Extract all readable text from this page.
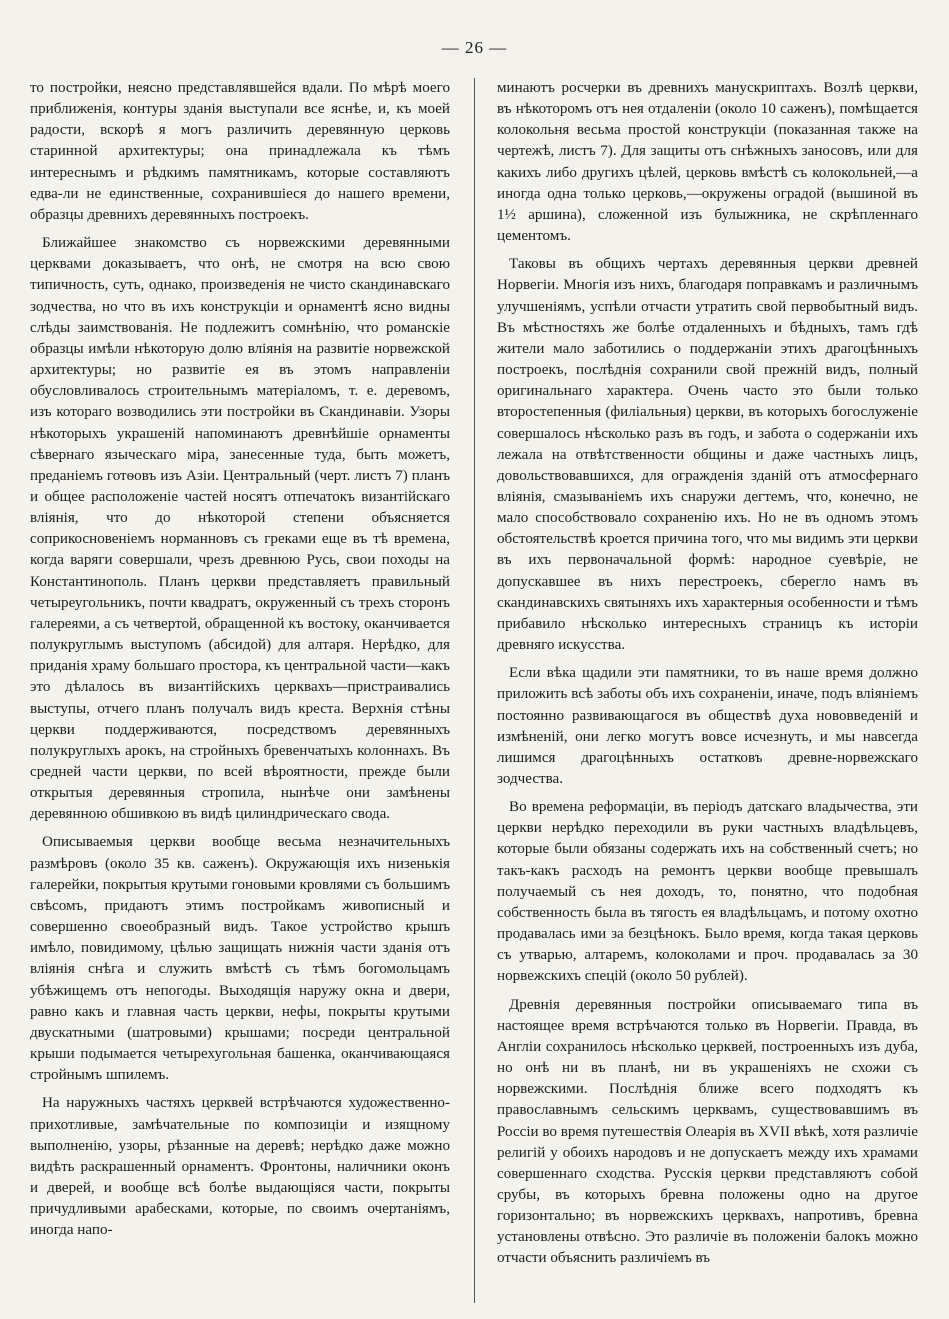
— 26 —

то постройки, неясно представлявшейся вдали. По мѣрѣ моего приближенія, контуры зданія выступали все яснѣе, и, къ моей радости, вскорѣ я могъ различить деревянную церковь старинной архитектуры; она принадлежала къ тѣмъ интереснымъ и рѣдкимъ памятникамъ, которые составляютъ едва-ли не единственные, сохранившіеся до нашего времени, образцы древнихъ деревянныхъ построекъ.

Ближайшее знакомство съ норвежскими деревянными церквами доказываетъ, что онѣ, не смотря на всю свою типичность, суть, однако, произведенія не чисто скандинавскаго зодчества, но что въ ихъ конструкціи и орнаментѣ ясно видны слѣды заимствованія. Не подлежитъ сомнѣнію, что романскіе образцы имѣли нѣкоторую долю вліянія на развитіе норвежской архитектуры; но развитіе ея въ этомъ направленіи обусловливалось строительнымъ матеріаломъ, т. е. деревомъ, изъ котораго возводились эти постройки въ Скандинавіи. Узоры нѣкоторыхъ украшеній напоминаютъ древнѣйшіе орнаменты сѣвернаго языческаго міра, занесенные туда, быть можетъ, преданіемъ готѳовъ изъ Азіи. Центральный (черт. листъ 7) планъ и общее расположеніе частей носятъ отпечатокъ византійскаго вліянія, что до нѣкоторой степени объясняется соприкосновеніемъ норманновъ съ греками еще въ тѣ времена, когда варяги совершали, чрезъ древнюю Русь, свои походы на Константинополь. Планъ церкви представляетъ правильный четыреугольникъ, почти квадратъ, окруженный съ трехъ сторонъ галереями, а съ четвертой, обращенной къ востоку, оканчивается полукруглымъ выступомъ (абсидой) для алтаря. Нерѣдко, для приданія храму большаго простора, къ центральной части—какъ это дѣлалось въ византійскихъ церквахъ—пристраивались выступы, отчего планъ получалъ видъ креста. Верхнія стѣны церкви поддерживаются, посредствомъ деревянныхъ полукруглыхъ арокъ, на стройныхъ бревенчатыхъ колоннахъ. Въ средней части церкви, по всей вѣроятности, прежде были открытыя деревянныя стропила, нынѣче они замѣнены деревянною обшивкою въ видѣ цилиндрическаго свода.

Описываемыя церкви вообще весьма незначительныхъ размѣровъ (около 35 кв. саженъ). Окружающія ихъ низенькія галерейки, покрытыя крутыми гоновыми кровлями съ большимъ свѣсомъ, придаютъ этимъ постройкамъ живописный и совершенно своеобразный видъ. Такое устройство крышъ имѣло, повидимому, цѣлью защищать нижнія части зданія отъ вліянія снѣга и служить вмѣстѣ съ тѣмъ богомольцамъ убѣжищемъ отъ непогоды. Выходящія наружу окна и двери, равно какъ и главная часть церкви, нефы, покрыты крутыми двускатными (шатровыми) крышами; посреди центральной крыши подымается четырехугольная башенка, оканчивающаяся стройнымъ шпилемъ.

На наружныхъ частяхъ церквей встрѣчаются художественно-прихотливые, замѣчательные по композиціи и изящному выполненію, узоры, рѣзанные на деревѣ; нерѣдко даже можно видѣть раскрашенный орнаментъ. Фронтоны, наличники оконъ и дверей, и вообще всѣ болѣе выдающіяся части, покрыты причудливыми арабесками, которые, по своимъ очертаніямъ, иногда напо-

минаютъ росчерки въ древнихъ манускриптахъ. Возлѣ церкви, въ нѣкоторомъ отъ нея отдаленіи (около 10 саженъ), помѣщается колокольня весьма простой конструкціи (показанная также на чертежѣ, листъ 7). Для защиты отъ снѣжныхъ заносовъ, или для какихъ либо другихъ цѣлей, церковь вмѣстѣ съ колокольней,—а иногда одна только церковь,—окружены оградой (вышиной въ 1½ аршина), сложенной изъ булыжника, не скрѣпленнаго цементомъ.

Таковы въ общихъ чертахъ деревянныя церкви древней Норвегіи. Многія изъ нихъ, благодаря поправкамъ и различнымъ улучшеніямъ, успѣли отчасти утратить свой первобытный видъ. Въ мѣстностяхъ же болѣе отдаленныхъ и бѣдныхъ, тамъ гдѣ жители мало заботились о поддержаніи этихъ драгоцѣнныхъ построекъ, послѣднія сохранили свой прежній видъ, полный оригинальнаго характера. Очень часто это были только второстепенныя (филіальныя) церкви, въ которыхъ богослуженіе совершалось нѣсколько разъ въ годъ, и забота о содержаніи ихъ лежала на отвѣтственности общины и даже частныхъ лицъ, довольствовавшихся, для огражденія зданій отъ атмосфернаго вліянія, смазываніемъ ихъ снаружи дегтемъ, что, конечно, не мало способствовало сохраненію ихъ. Но не въ одномъ этомъ обстоятельствѣ кроется причина того, что мы видимъ эти церкви въ ихъ первоначальной формѣ: народное суевѣріе, не допускавшее въ нихъ перестроекъ, сберегло намъ въ скандинавскихъ святыняхъ ихъ характерныя особенности и тѣмъ прибавило нѣсколько интересныхъ страницъ къ исторіи древняго искусства.

Если вѣка щадили эти памятники, то въ наше время должно приложить всѣ заботы объ ихъ сохраненіи, иначе, подъ вліяніемъ постоянно развивающагося въ обществѣ духа нововведеній и измѣненій, они легко могутъ вовсе исчезнуть, и мы навсегда лишимся драгоцѣнныхъ остатковъ древне-норвежскаго зодчества.

Во времена реформаціи, въ періодъ датскаго владычества, эти церкви нерѣдко переходили въ руки частныхъ владѣльцевъ, которые были обязаны содержать ихъ на собственный счетъ; но такъ-какъ расходъ на ремонтъ церкви вообще превышалъ получаемый съ нея доходъ, то, понятно, что подобная собственность была въ тягость ея владѣльцамъ, и потому охотно продавалась ими за безцѣнокъ. Было время, когда такая церковь съ утварью, алтаремъ, колоколами и проч. продавалась за 30 норвежскихъ спецій (около 50 рублей).

Древнія деревянныя постройки описываемаго типа въ настоящее время встрѣчаются только въ Норвегіи. Правда, въ Англіи сохранилось нѣсколько церквей, построенныхъ изъ дуба, но онѣ ни въ планѣ, ни въ украшеніяхъ не схожи съ норвежскими. Послѣднія ближе всего подходятъ къ православнымъ сельскимъ церквамъ, существовавшимъ въ Россіи во время путешествія Олеарія въ XVII вѣкѣ, хотя различіе религій у обоихъ народовъ и не допускаетъ между ихъ храмами совершеннаго сходства. Русскія церкви представляютъ собой срубы, въ которыхъ бревна положены одно на другое горизонтально; въ норвежскихъ церквахъ, напротивъ, бревна установлены отвѣсно. Это различіе въ положеніи балокъ можно отчасти объяснить различіемъ въ
